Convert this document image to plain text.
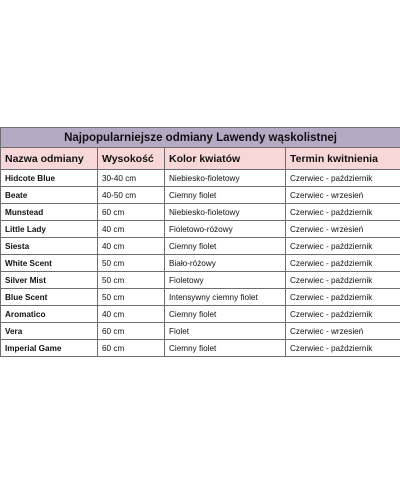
Najpopularniejsze odmiany Lawendy wąskolistnej			
Nazwa odmiany	Wysokość	Kolor kwiatów	Termin kwitnienia
Hidcote Blue	30-40 cm	Niebiesko-fioletowy	Czerwiec - październik
Beate	40-50 cm	Ciemny fiolet	Czerwiec - wrzesień
Munstead	60 cm	Niebiesko-fioletowy	Czerwiec - październik
Little Lady	40 cm	Fioletowo-różowy	Czerwiec - wrzesień
Siesta	40 cm	Ciemny fiolet	Czerwiec - październik
White Scent	50 cm	Biało-różowy	Czerwiec - październik
Silver Mist	50 cm	Fioletowy	Czerwiec - październik
Blue Scent	50 cm	Intensywny ciemny fiolet	Czerwiec - październik
Aromatico	40 cm	Ciemny fiolet	Czerwiec - październik
Vera	60 cm	Fiolet	Czerwiec - wrzesień
Imperial Game	60 cm	Ciemny fiolet	Czerwiec - październik
